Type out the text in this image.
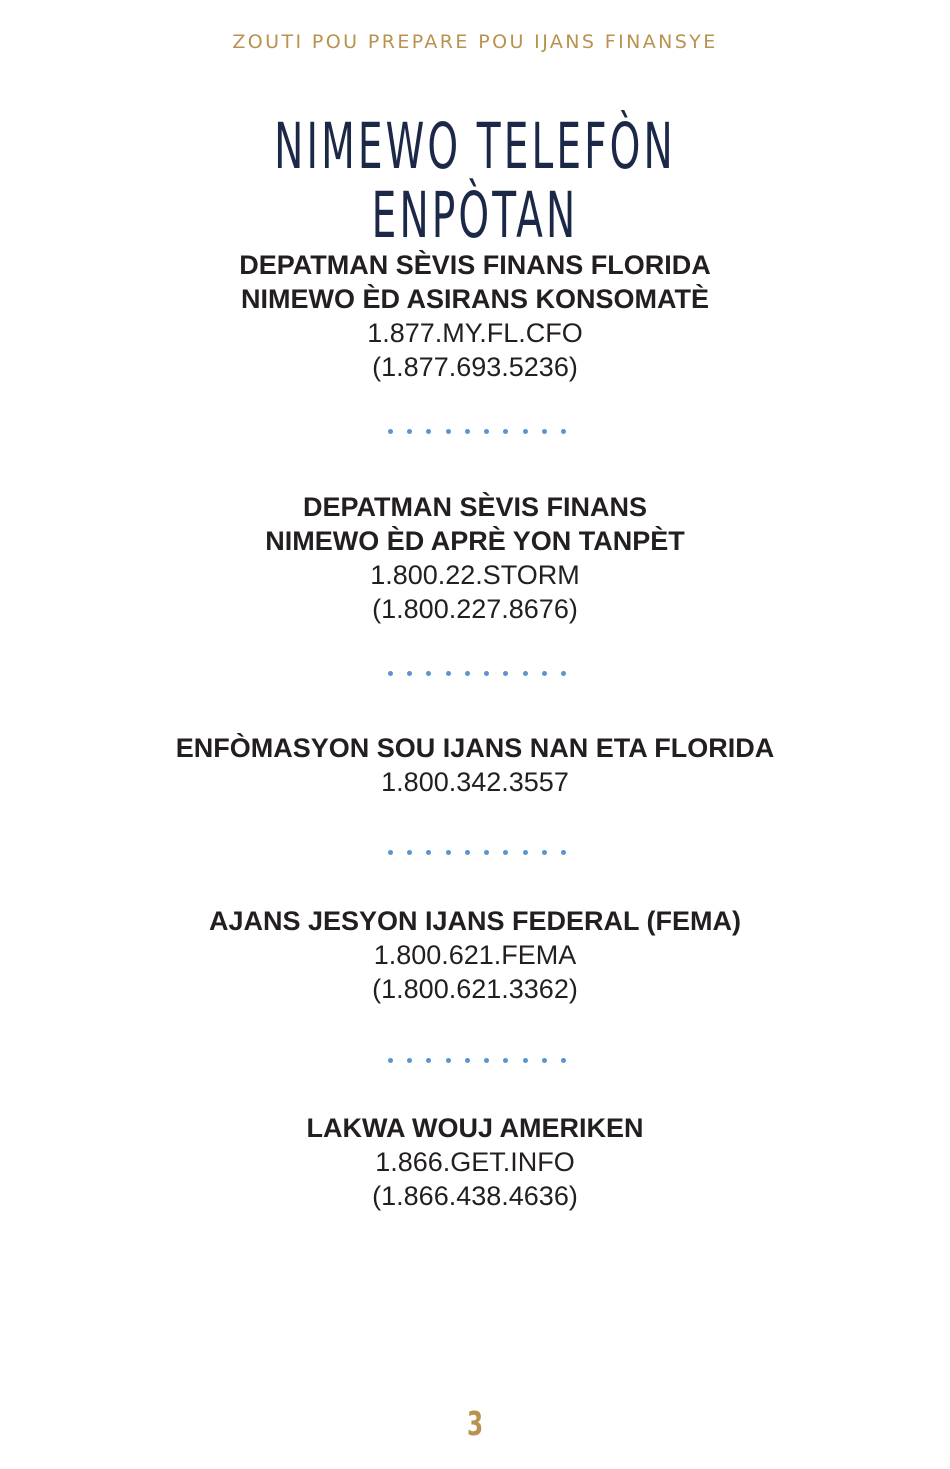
ZOUTI POU PREPARE POU IJANS FINANSYE
NIMEWO TELEFÒN ENPÒTAN
DEPATMAN SÈVIS FINANS FLORIDA
NIMEWO ÈD ASIRANS KONSOMATÈ
1.877.MY.FL.CFO
(1.877.693.5236)
DEPATMAN SÈVIS FINANS
NIMEWO ÈD APRÈ YON TANPÈT
1.800.22.STORM
(1.800.227.8676)
ENFÒMASYON SOU IJANS NAN ETA FLORIDA
1.800.342.3557
AJANS JESYON IJANS FEDERAL (FEMA)
1.800.621.FEMA
(1.800.621.3362)
LAKWA WOUJ AMERIKEN
1.866.GET.INFO
(1.866.438.4636)
3
